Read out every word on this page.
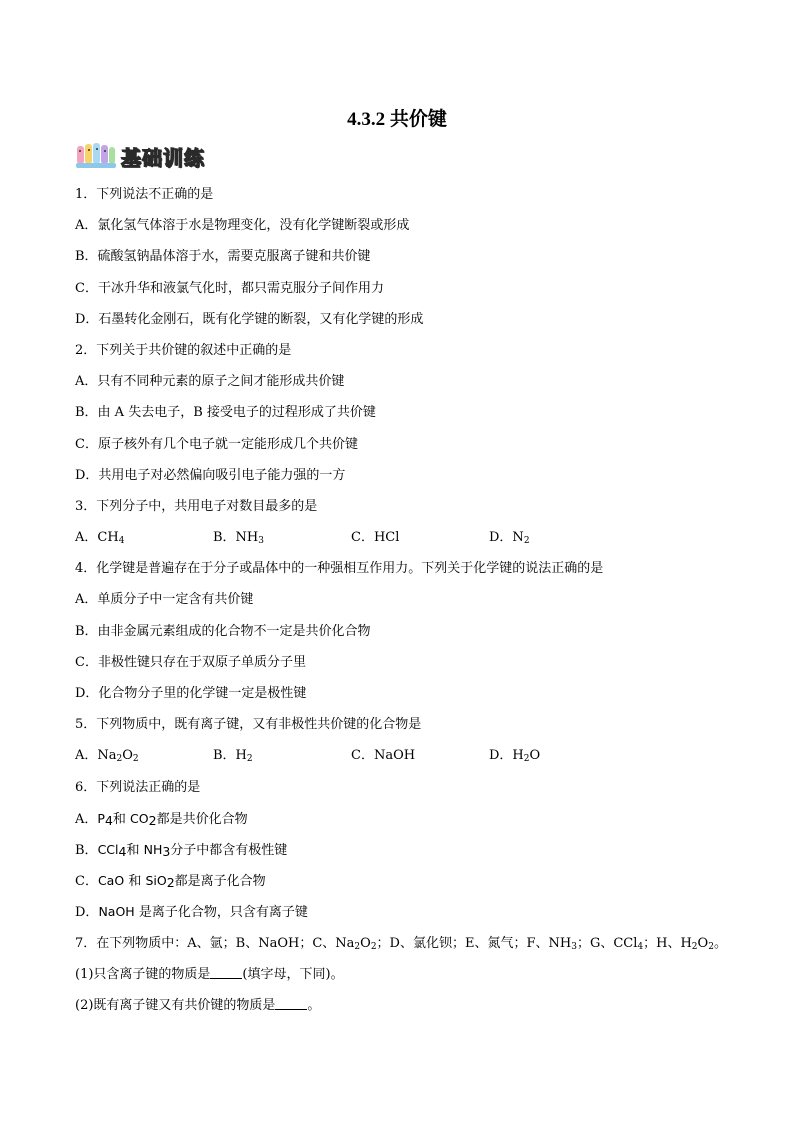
4.3.2 共价键
基础训练
1．下列说法不正确的是
A．氯化氢气体溶于水是物理变化，没有化学键断裂或形成
B．硫酸氢钠晶体溶于水，需要克服离子键和共价键
C．干冰升华和液氯气化时，都只需克服分子间作用力
D．石墨转化金刚石，既有化学键的断裂，又有化学键的形成
2．下列关于共价键的叙述中正确的是
A．只有不同种元素的原子之间才能形成共价键
B．由 A 失去电子，B 接受电子的过程形成了共价键
C．原子核外有几个电子就一定能形成几个共价键
D．共用电子对必然偏向吸引电子能力强的一方
3．下列分子中，共用电子对数目最多的是
A．$CH_4$	B．$NH_3$	C．HCl	D．$N_2$
4．化学键是普遍存在于分子或晶体中的一种强相互作用力。下列关于化学键的说法正确的是
A．单质分子中一定含有共价键
B．由非金属元素组成的化合物不一定是共价化合物
C．非极性键只存在于双原子单质分子里
D．化合物分子里的化学键一定是极性键
5．下列物质中，既有离子键，又有非极性共价键的化合物是
A．$Na_2O_2$	B．$H_2$	C．NaOH	D．$H_2O$
6．下列说法正确的是
A．$P_4$和 $CO_2$都是共价化合物
B．CCl$_4$和 $NH_3$分子中都含有极性键
C．CaO 和 SiO$_2$都是离子化合物
D．NaOH 是离子化合物，只含有离子键
7．在下列物质中：A、氩；B、NaOH；C、$Na_2O_2$；D、氯化钡；E、氮气；F、$NH_3$；G、CCl$_4$；H、$H_2O_2$。
(1)只含离子键的物质是 (填字母，下同)。
(2)既有离子键又有共价键的物质是 。
